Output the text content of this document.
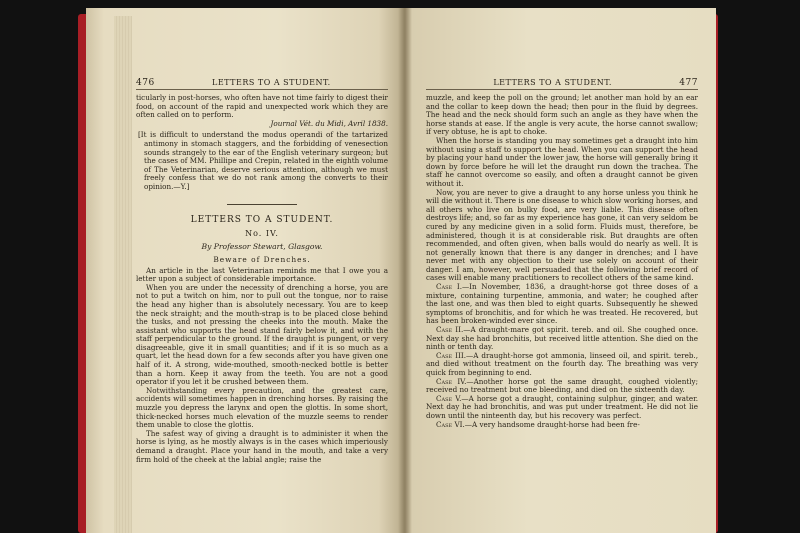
476	LETTERS TO A STUDENT.

ticularly in post-horses, who often have not time fairly to digest their food, on account of the rapid and unexpected work which they are often called on to perform.

Journal Vét. du Midi, Avril 1838.

[It is difficult to understand the modus operandi of the tartarized antimony in stomach staggers, and the forbidding of venesection sounds strangely to the ear of the English veterinary surgeon; but the cases of MM. Phillipe and Crepin, related in the eighth volume of The Veterinarian, deserve serious attention, although we must freely confess that we do not rank among the converts to their opinion.—Y.]

LETTERS TO A STUDENT.
No. IV.
By Professor Stewart, Glasgow.
Beware of Drenches.

An article in the last Veterinarian reminds me that I owe you a letter upon a subject of considerable importance.

When you are under the necessity of drenching a horse, you are not to put a twitch on him, nor to pull out the tongue, nor to raise the head any higher than is absolutely necessary. You are to keep the neck straight; and the mouth-strap is to be placed close behind the tusks, and not pressing the cheeks into the mouth. Make the assistant who supports the head stand fairly below it, and with the staff perpendicular to the ground. If the draught is pungent, or very disagreeable, give it in small quantities; and if it is so much as a quart, let the head down for a few seconds after you have given one half of it. A strong, wide-mouthed, smooth-necked bottle is better than a horn. Keep it away from the teeth. You are not a good operator if you let it be crushed between them.

Notwithstanding every precaution, and the greatest care, accidents will sometimes happen in drenching horses. By raising the muzzle you depress the larynx and open the glottis. In some short, thick-necked horses much elevation of the muzzle seems to render them unable to close the glottis.

The safest way of giving a draught is to administer it when the horse is lying, as he mostly always is in the cases which imperiously demand a draught. Place your hand in the mouth, and take a very firm hold of the cheek at the labial angle; raise the

LETTERS TO A STUDENT.	477

muzzle, and keep the poll on the ground; let another man hold by an ear and the collar to keep down the head; then pour in the fluid by degrees. The head and the neck should form such an angle as they have when the horse stands at ease. If the angle is very acute, the horse cannot swallow; if very obtuse, he is apt to choke.

When the horse is standing you may sometimes get a draught into him without using a staff to support the head. When you can support the head by placing your hand under the lower jaw, the horse will generally bring it down by force before he will let the draught run down the trachea. The staff he cannot overcome so easily, and often a draught cannot be given without it.

Now, you are never to give a draught to any horse unless you think he will die without it. There is one disease to which slow working horses, and all others who live on bulky food, are very liable. This disease often destroys life; and, so far as my experience has gone, it can very seldom be cured by any medicine given in a solid form. Fluids must, therefore, be administered, though it is at considerable risk. But draughts are often recommended, and often given, when balls would do nearly as well. It is not generally known that there is any danger in drenches; and I have never met with any objection to their use solely on account of their danger. I am, however, well persuaded that the following brief record of cases will enable many practitioners to recollect others of the same kind.

Case I.—In November, 1836, a draught-horse got three doses of a mixture, containing turpentine, ammonia, and water; he coughed after the last one, and was then bled to eight quarts. Subsequently he shewed symptoms of bronchitis, and for which he was treated. He recovered, but has been broken-winded ever since.

Case II.—A draught-mare got spirit. tereb. and oil. She coughed once. Next day she had bronchitis, but received little attention. She died on the ninth or tenth day.

Case III.—A draught-horse got ammonia, linseed oil, and spirit. tereb., and died without treatment on the fourth day. The breathing was very quick from beginning to end.

Case IV.—Another horse got the same draught, coughed violently; received no treatment but one bleeding, and died on the sixteenth day.

Case V.—A horse got a draught, containing sulphur, ginger, and water. Next day he had bronchitis, and was put under treatment. He did not lie down until the ninteenth day, but his recovery was perfect.

Case VI.—A very handsome draught-horse had been fre-
